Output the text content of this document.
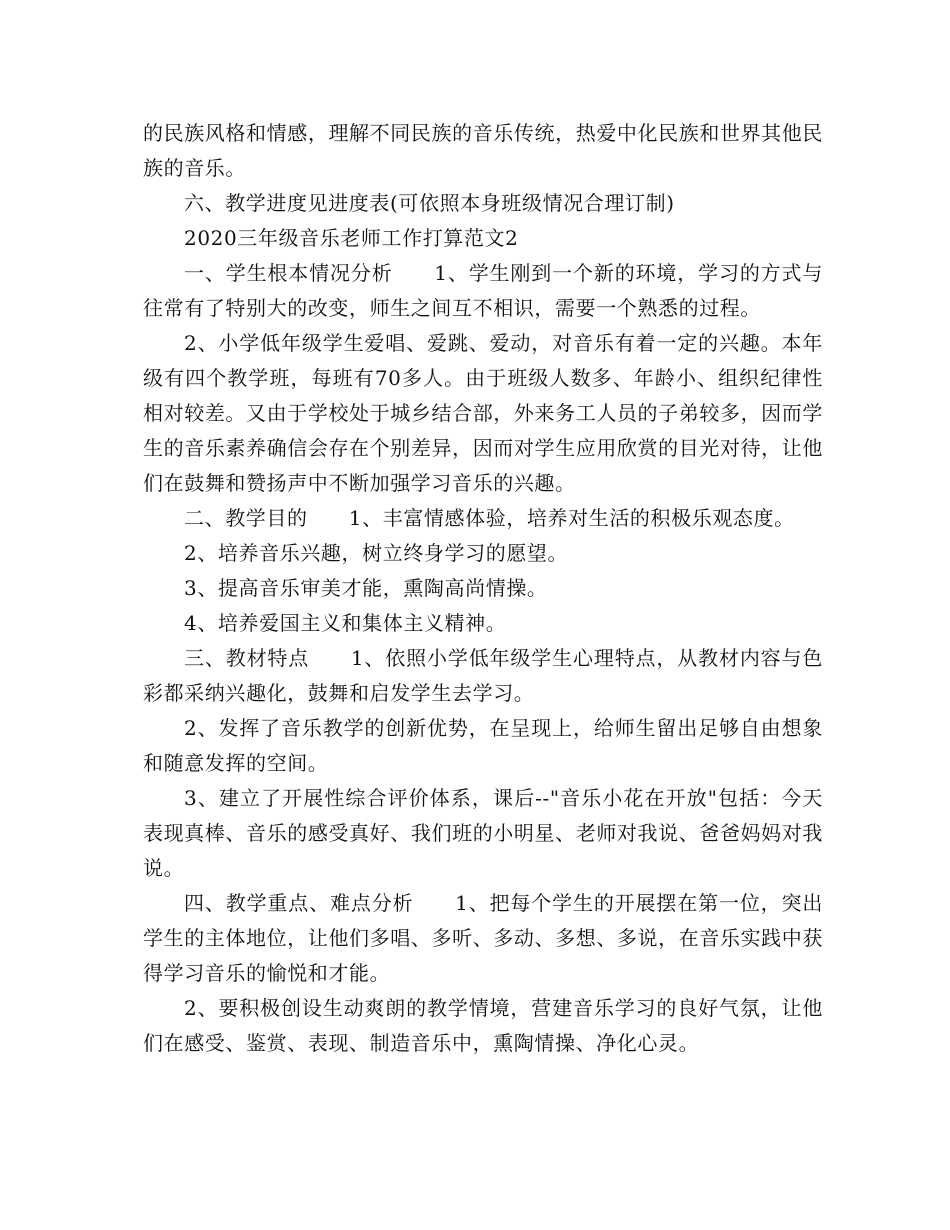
的民族风格和情感，理解不同民族的音乐传统，热爱中化民族和世界其他民族的音乐。

六、教学进度见进度表(可依照本身班级情况合理订制)

2020三年级音乐老师工作打算范文2

一、学生根本情况分析　　1、学生刚到一个新的环境，学习的方式与往常有了特别大的改变，师生之间互不相识，需要一个熟悉的过程。

2、小学低年级学生爱唱、爱跳、爱动，对音乐有着一定的兴趣。本年级有四个教学班，每班有70多人。由于班级人数多、年龄小、组织纪律性相对较差。又由于学校处于城乡结合部，外来务工人员的子弟较多，因而学生的音乐素养确信会存在个别差异，因而对学生应用欣赏的目光对待，让他们在鼓舞和赞扬声中不断加强学习音乐的兴趣。

二、教学目的　　1、丰富情感体验，培养对生活的积极乐观态度。

2、培养音乐兴趣，树立终身学习的愿望。

3、提高音乐审美才能，熏陶高尚情操。

4、培养爱国主义和集体主义精神。

三、教材特点　　1、依照小学低年级学生心理特点，从教材内容与色彩都采纳兴趣化，鼓舞和启发学生去学习。

2、发挥了音乐教学的创新优势，在呈现上，给师生留出足够自由想象和随意发挥的空间。

3、建立了开展性综合评价体系，课后--"音乐小花在开放"包括：今天表现真棒、音乐的感受真好、我们班的小明星、老师对我说、爸爸妈妈对我说。

四、教学重点、难点分析　　1、把每个学生的开展摆在第一位，突出学生的主体地位，让他们多唱、多听、多动、多想、多说，在音乐实践中获得学习音乐的愉悦和才能。

2、要积极创设生动爽朗的教学情境，营建音乐学习的良好气氛，让他们在感受、鉴赏、表现、制造音乐中，熏陶情操、净化心灵。
